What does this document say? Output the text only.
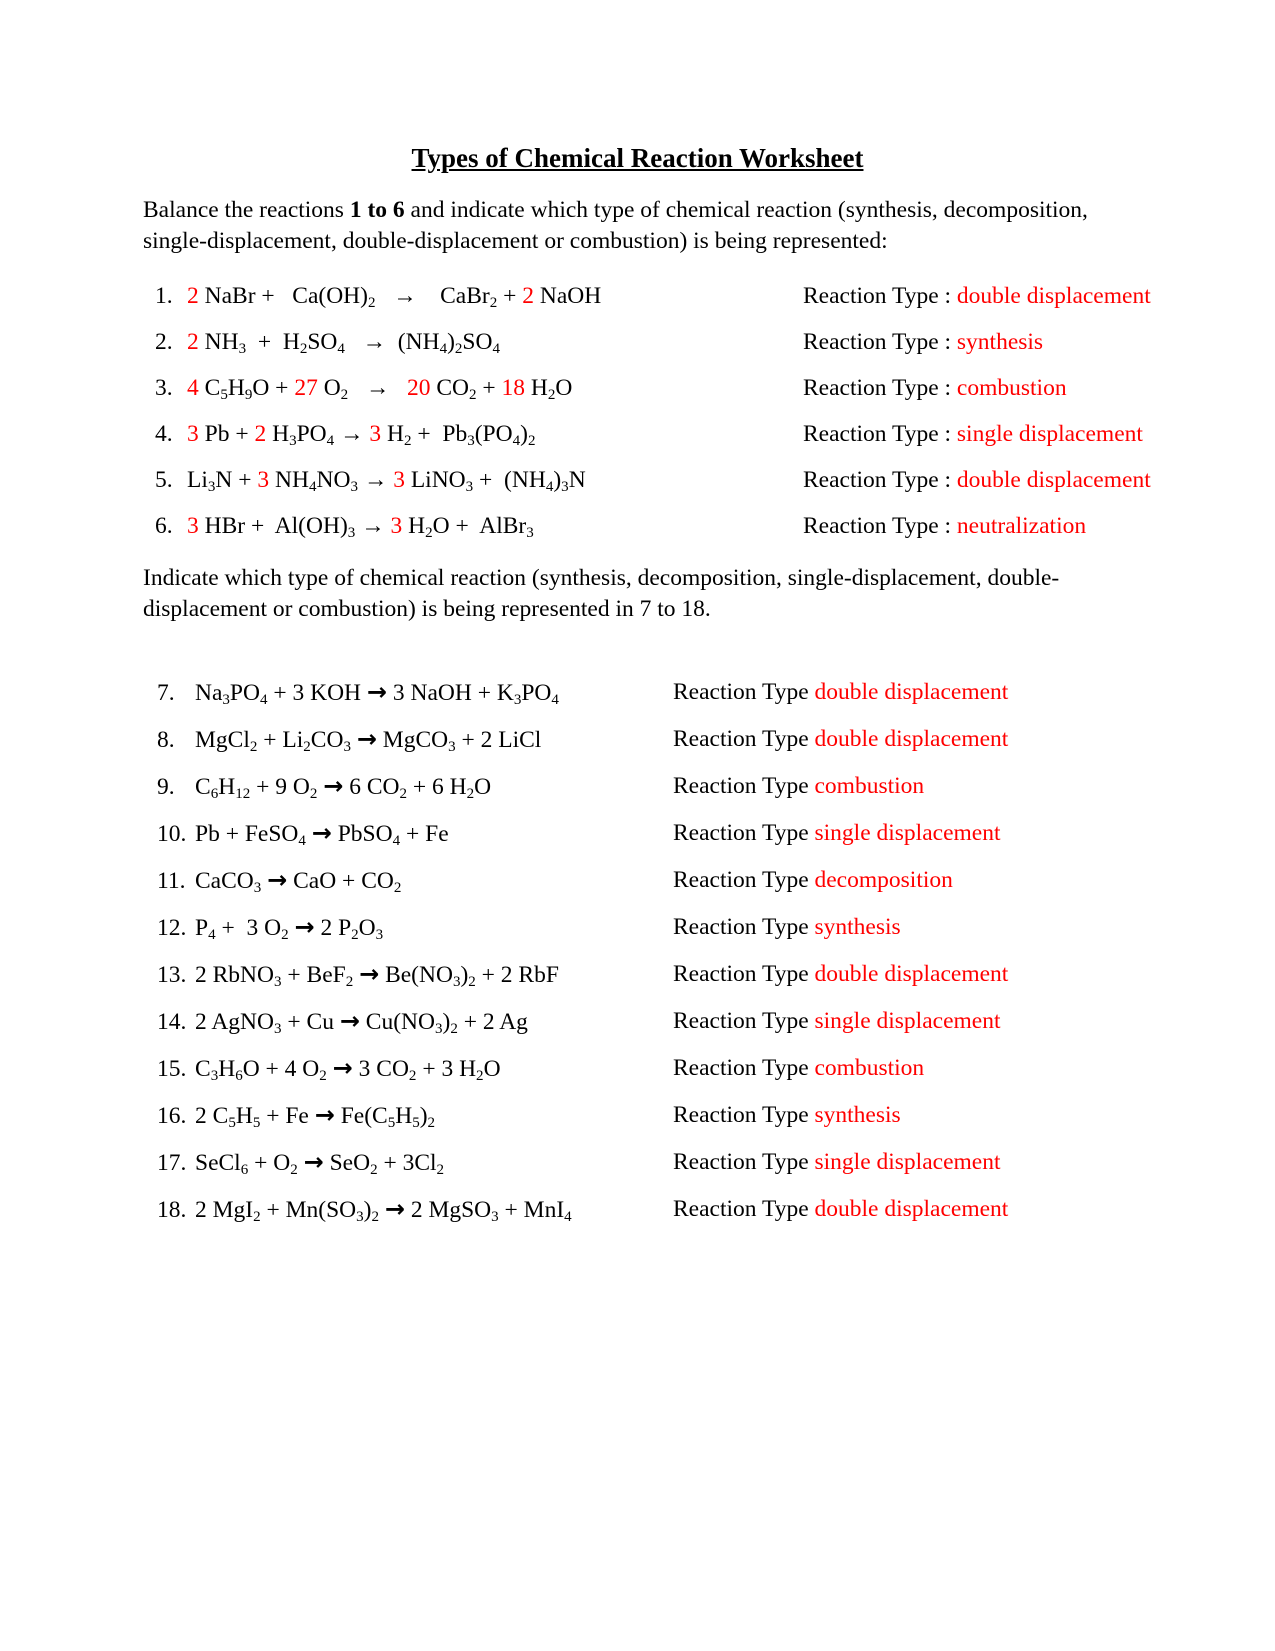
Types of Chemical Reaction Worksheet

Balance the reactions 1 to 6 and indicate which type of chemical reaction (synthesis, decomposition,
single-displacement, double-displacement or combustion) is being represented:

1. 2 NaBr +   $Ca(OH)_2$   →    CaBr$_2$ + 2 NaOH	Reaction Type : double displacement
2. 2 $NH_3 + H_2SO_4 \to (NH_4)_2SO_4$	Reaction Type : synthesis
3. 4 $C_5H_9O + 27$ $O_2 \to 20$ $CO_2 + 18$ $H_2O$	Reaction Type : combustion
4. 3 Pb + 2 $H_3PO_4 \to 3$ $H_2 + Pb_3(PO_4)_2$	Reaction Type : single displacement
5. $Li_3N + 3$ $NH_4NO_3 \to 3$ LiNO$_3$ +  $(NH_4)_3N$	Reaction Type : double displacement
6. 3 HBr +  $Al(OH)_3 \to 3$ $H_2O$ +  AlBr$_3$	Reaction Type : neutralization

Indicate which type of chemical reaction (synthesis, decomposition, single-displacement, double-
displacement or combustion) is being represented in 7 to 18.

7. $Na_3PO_4 + 3$ KOH → 3 NaOH + $K_3PO_4$	Reaction Type double displacement
8. MgCl$_2$ + $Li_2CO_3$ → MgCO$_3$ + 2 LiCl	Reaction Type double displacement
9. $C_6H_{12} + 9$ $O_2 \to 6$ $CO_2 + 6$ $H_2O$	Reaction Type combustion
10. Pb + FeSO$_4$ → PbSO$_4$ + Fe	Reaction Type single displacement
11. CaCO$_3$ → CaO + $CO_2$	Reaction Type decomposition
12. $P_4 + 3$ $O_2 \to 2$ $P_2O_3$	Reaction Type synthesis
13. 2 RbNO$_3$ + $BeF_2 \to Be(NO_3)_2 + 2$ RbF	Reaction Type double displacement
14. 2 AgNO$_3$ + $Cu \to Cu(NO_3)_2 + 2$ Ag	Reaction Type single displacement
15. $C_3H_6O + 4$ $O_2 \to 3$ $CO_2 + 3$ $H_2O$	Reaction Type combustion
16. 2 $C_5H_5 + Fe \to Fe(C_5H_5)_2$	Reaction Type synthesis
17. SeCl$_6$ + $O_2 \to SeO_2 + 3Cl_2$	Reaction Type single displacement
18. 2 $MgI_2 + Mn(SO_3)_2 \to 2$ MgSO$_3$ + MnI$_4$	Reaction Type double displacement
